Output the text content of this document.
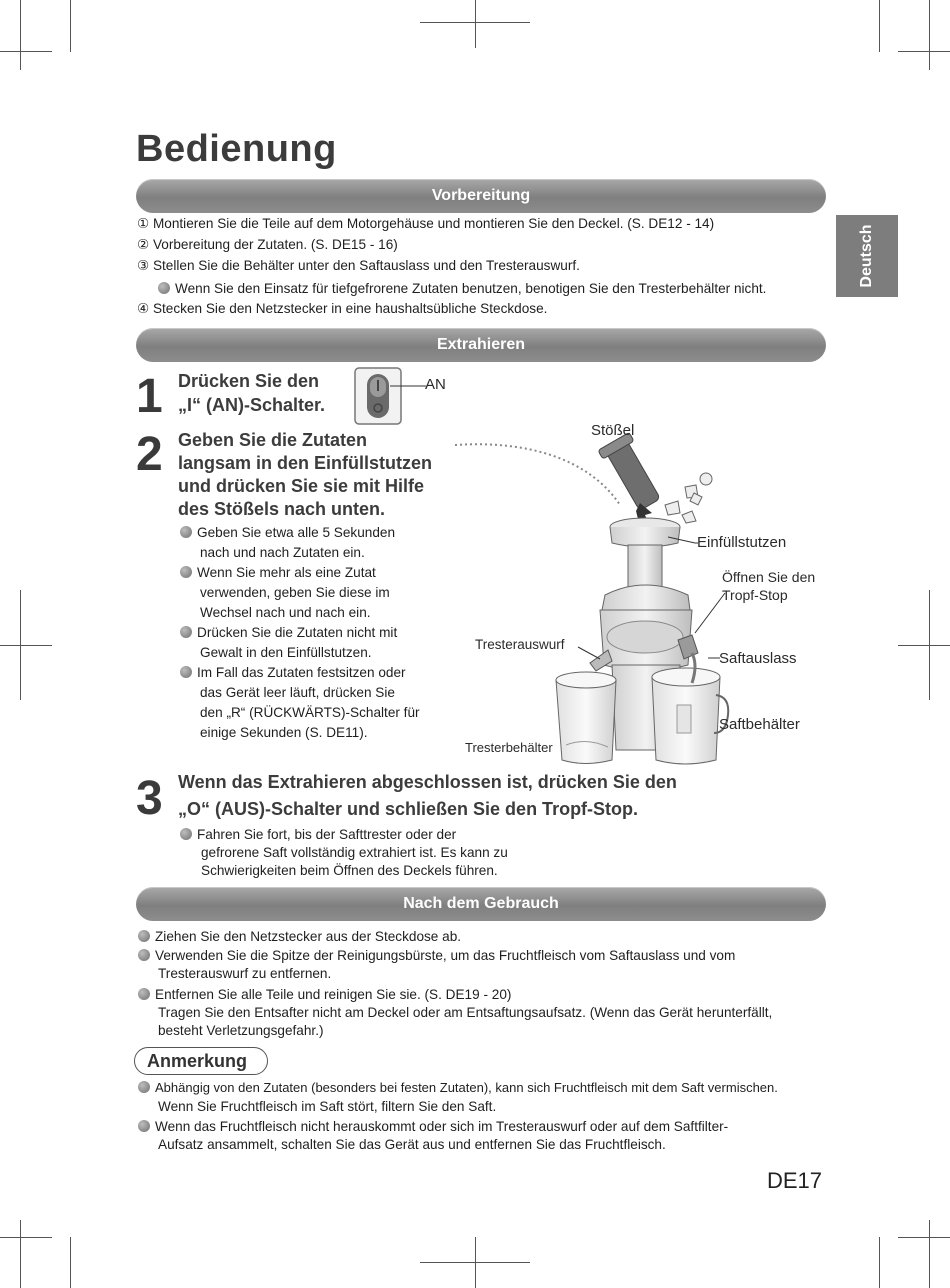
Bedienung
Deutsch
Vorbereitung
① Montieren Sie die Teile auf dem Motorgehäuse und montieren Sie den Deckel. (S. DE12 - 14)
② Vorbereitung der Zutaten. (S. DE15 - 16)
③ Stellen Sie die Behälter unter den Saftauslass und den Tresterauswurf.
Wenn Sie den Einsatz für tiefgefrorene Zutaten benutzen, benotigen Sie den Tresterbehälter nicht.
④ Stecken Sie den Netzstecker in eine haushaltsübliche Steckdose.
Extrahieren
1 Drücken Sie den
„I“ (AN)-Schalter.
AN
2 Geben Sie die Zutaten
langsam in den Einfüllstutzen
und drücken Sie sie mit Hilfe
des Stößels nach unten.
Geben Sie etwa alle 5 Sekunden
nach und nach Zutaten ein.
Wenn Sie mehr als eine Zutat
verwenden, geben Sie diese im
Wechsel nach und nach ein.
Drücken Sie die Zutaten nicht mit
Gewalt in den Einfüllstutzen.
Im Fall das Zutaten festsitzen oder
das Gerät leer läuft, drücken Sie
den „R“ (RÜCKWÄRTS)-Schalter für
einige Sekunden (S. DE11).
Stößel
Einfüllstutzen
Öffnen Sie den
Tropf-Stop
Tresterauswurf
Saftauslass
Saftbehälter
Tresterbehälter
3 Wenn das Extrahieren abgeschlossen ist, drücken Sie den
„O“ (AUS)-Schalter und schließen Sie den Tropf-Stop.
Fahren Sie fort, bis der Safttrester oder der
gefrorene Saft vollständig extrahiert ist. Es kann zu
Schwierigkeiten beim Öffnen des Deckels führen.
Nach dem Gebrauch
Ziehen Sie den Netzstecker aus der Steckdose ab.
Verwenden Sie die Spitze der Reinigungsbürste, um das Fruchtfleisch vom Saftauslass und vom
Tresterauswurf zu entfernen.
Entfernen Sie alle Teile und reinigen Sie sie. (S. DE19 - 20)
Tragen Sie den Entsafter nicht am Deckel oder am Entsaftungsaufsatz. (Wenn das Gerät herunterfällt,
besteht Verletzungsgefahr.)
Anmerkung
Abhängig von den Zutaten (besonders bei festen Zutaten), kann sich Fruchtfleisch mit dem Saft vermischen.
Wenn Sie Fruchtfleisch im Saft stört, filtern Sie den Saft.
Wenn das Fruchtfleisch nicht herauskommt oder sich im Tresterauswurf oder auf dem Saftfilter-
Aufsatz ansammelt, schalten Sie das Gerät aus und entfernen Sie das Fruchtfleisch.
DE17
